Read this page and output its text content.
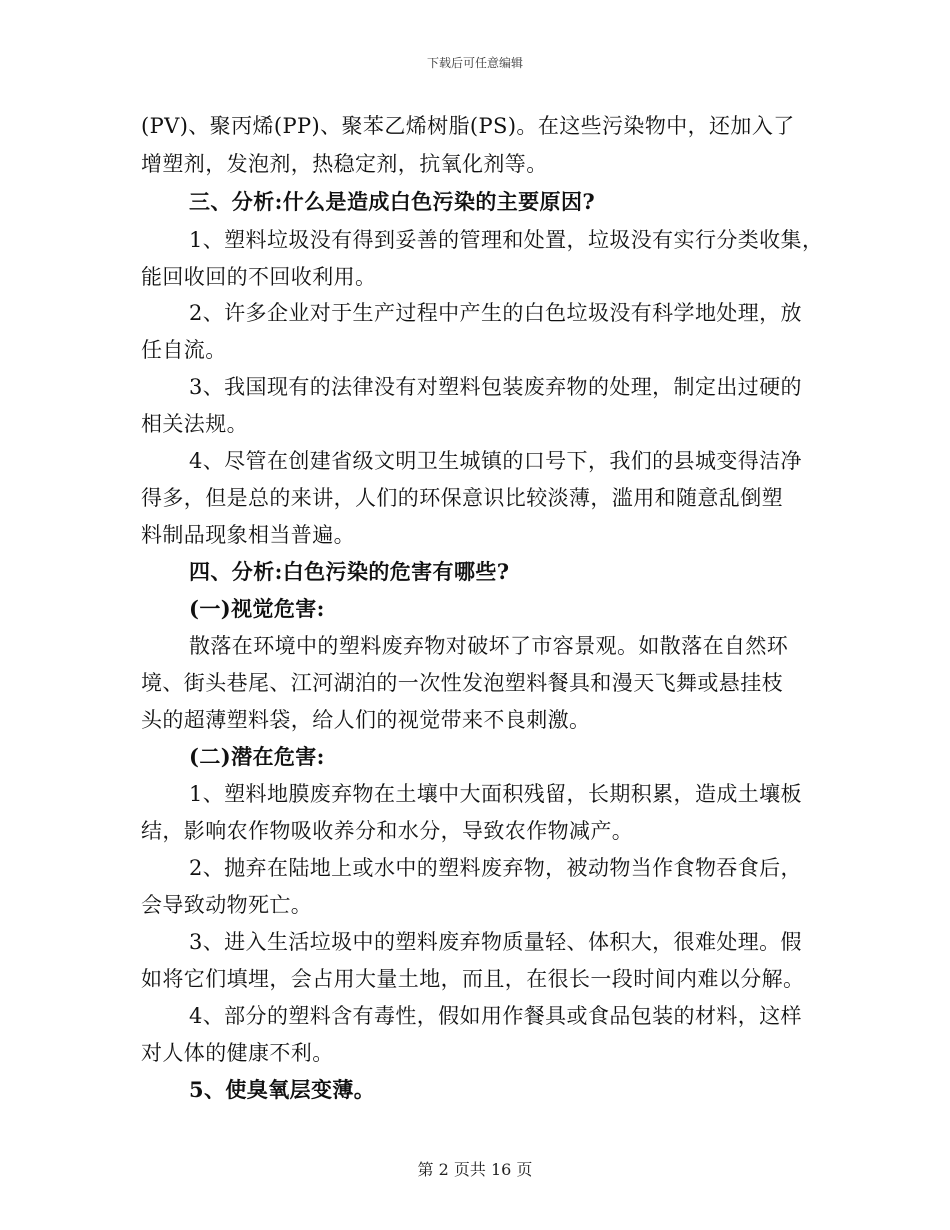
下载后可任意编辑
(PV)、聚丙烯(PP)、聚苯乙烯树脂(PS)。在这些污染物中，还加入了
增塑剂，发泡剂，热稳定剂，抗氧化剂等。
三、分析:什么是造成白色污染的主要原因?
1、塑料垃圾没有得到妥善的管理和处置，垃圾没有实行分类收集，
能回收回的不回收利用。
2、许多企业对于生产过程中产生的白色垃圾没有科学地处理，放
任自流。
3、我国现有的法律没有对塑料包装废弃物的处理，制定出过硬的
相关法规。
4、尽管在创建省级文明卫生城镇的口号下，我们的县城变得洁净
得多，但是总的来讲，人们的环保意识比较淡薄，滥用和随意乱倒塑
料制品现象相当普遍。
四、分析:白色污染的危害有哪些?
(一)视觉危害:
散落在环境中的塑料废弃物对破坏了市容景观。如散落在自然环
境、街头巷尾、江河湖泊的一次性发泡塑料餐具和漫天飞舞或悬挂枝
头的超薄塑料袋，给人们的视觉带来不良刺激。
(二)潜在危害:
1、塑料地膜废弃物在土壤中大面积残留，长期积累，造成土壤板
结，影响农作物吸收养分和水分，导致农作物减产。
2、抛弃在陆地上或水中的塑料废弃物，被动物当作食物吞食后，
会导致动物死亡。
3、进入生活垃圾中的塑料废弃物质量轻、体积大，很难处理。假
如将它们填埋，会占用大量土地，而且，在很长一段时间内难以分解。
4、部分的塑料含有毒性，假如用作餐具或食品包装的材料，这样
对人体的健康不利。
5、使臭氧层变薄。
第 2 页共 16 页
